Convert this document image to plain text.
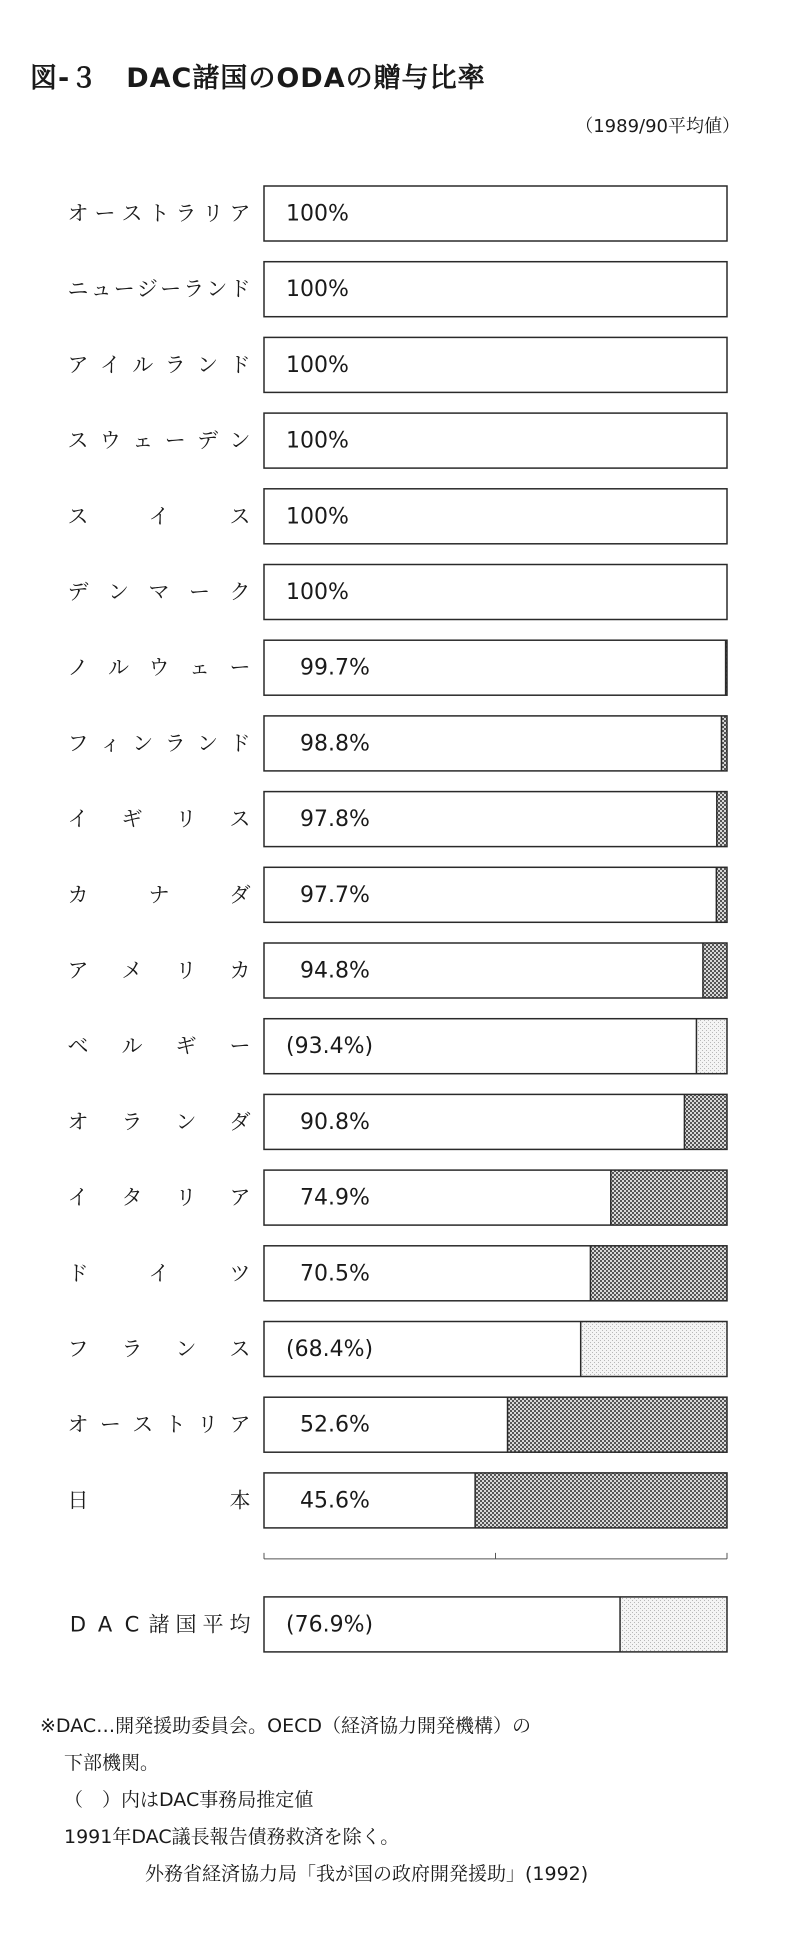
図-３　DAC諸国のODAの贈与比率
（1989/90平均値）
オ ー ス ト ラ リ ア 100%
ニ ュ ー ジ ー ラ ン ド 100%
ア イ ル ラ ン ド 100%
ス ウ ェ ー デ ン 100%
ス	イ	ス 100%
デ ン マ ー ク 100%
ノ ル ウ ェ ー 99.7%
フ ィ ン ラ ン ド 98.8%
イ ギ リ ス 97.8%
カ	ナ	ダ 97.7%
ア メ リ カ 94.8%
ベ ル ギ ー (93.4%)
オ ラ ン ダ 90.8%
イ タ リ ア 74.9%
ド	イ	ツ 70.5%
フ ラ ン ス (68.4%)
オ ー ス ト リ ア 52.6%
日	本 45.6%
D A C 諸 国 平 均 (76.9%)
※DAC…開発援助委員会。OECD（経済協力開発機構）の
下部機関。
（　）内はDAC事務局推定値
1991年DAC議長報告債務救済を除く。
外務省経済協力局「我が国の政府開発援助」(1992)
